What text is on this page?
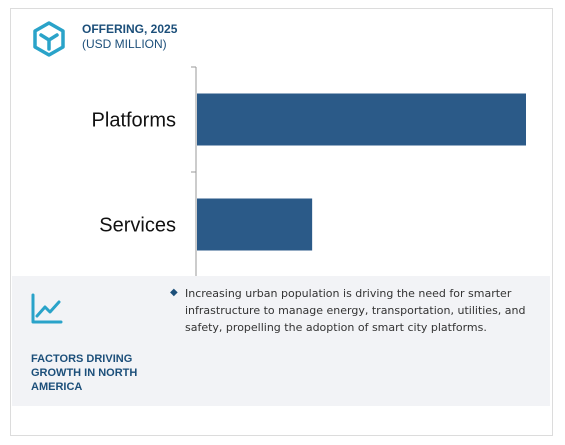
OFFERING, 2025
(USD MILLION)
Platforms
Services
FACTORS DRIVING
GROWTH IN NORTH
AMERICA
◆ Increasing urban population is driving the need for smarter infrastructure to manage energy, transportation, utilities, and safety, propelling the adoption of smart city platforms.
